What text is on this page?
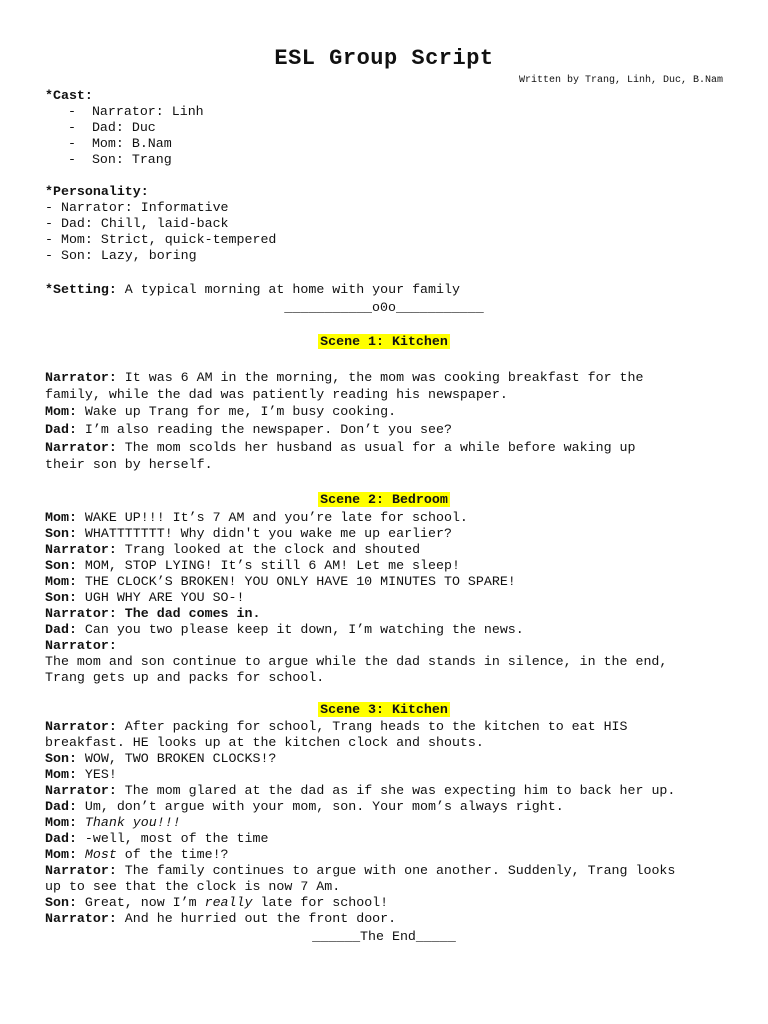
ESL Group Script
Written by Trang, Linh, Duc, B.Nam
*Cast:
-  Narrator: Linh
-  Dad: Duc
-  Mom: B.Nam
-  Son: Trang
*Personality:
- Narrator: Informative
- Dad: Chill, laid-back
- Mom: Strict, quick-tempered
- Son: Lazy, boring
*Setting: A typical morning at home with your family
___________o0o___________
Scene 1: Kitchen
Narrator: It was 6 AM in the morning, the mom was cooking breakfast for the
family, while the dad was patiently reading his newspaper.
Mom: Wake up Trang for me, I’m busy cooking.
Dad: I’m also reading the newspaper. Don’t you see?
Narrator: The mom scolds her husband as usual for a while before waking up
their son by herself.
Scene 2: Bedroom
Mom: WAKE UP!!! It’s 7 AM and you’re late for school.
Son: WHATTTTTTT! Why didn't you wake me up earlier?
Narrator: Trang looked at the clock and shouted
Son: MOM, STOP LYING! It’s still 6 AM! Let me sleep!
Mom: THE CLOCK’S BROKEN! YOU ONLY HAVE 10 MINUTES TO SPARE!
Son: UGH WHY ARE YOU SO-!
Narrator: The dad comes in.
Dad: Can you two please keep it down, I’m watching the news.
Narrator:
The mom and son continue to argue while the dad stands in silence, in the end,
Trang gets up and packs for school.
Scene 3: Kitchen
Narrator: After packing for school, Trang heads to the kitchen to eat HIS
breakfast. HE looks up at the kitchen clock and shouts.
Son: WOW, TWO BROKEN CLOCKS!?
Mom: YES!
Narrator: The mom glared at the dad as if she was expecting him to back her up.
Dad: Um, don’t argue with your mom, son. Your mom’s always right.
Mom: Thank you!!!
Dad: -well, most of the time
Mom: Most of the time!?
Narrator: The family continues to argue with one another. Suddenly, Trang looks
up to see that the clock is now 7 Am.
Son: Great, now I’m really late for school!
Narrator: And he hurried out the front door.
______The End_____
